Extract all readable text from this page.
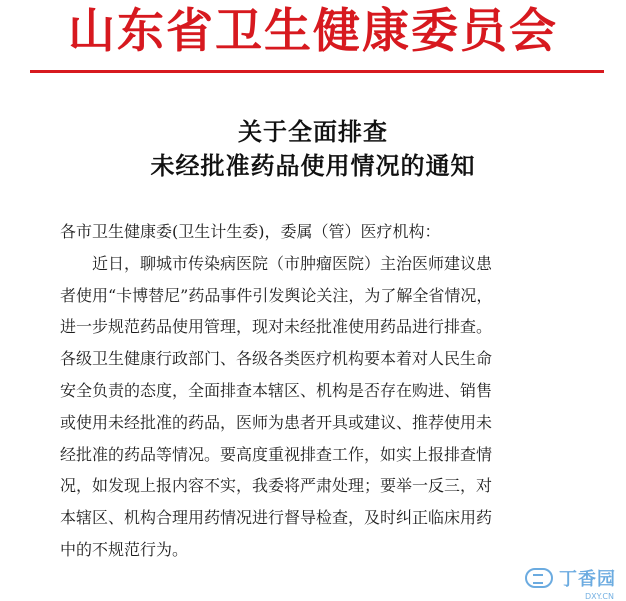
山东省卫生健康委员会
关于全面排查
未经批准药品使用情况的通知
各市卫生健康委(卫生计生委)，委属（管）医疗机构：
近日，聊城市传染病医院（市肿瘤医院）主治医师建议患
者使用“卡博替尼”药品事件引发舆论关注，为了解全省情况，
进一步规范药品使用管理，现对未经批准使用药品进行排查。
各级卫生健康行政部门、各级各类医疗机构要本着对人民生命
安全负责的态度，全面排查本辖区、机构是否存在购进、销售
或使用未经批准的药品，医师为患者开具或建议、推荐使用未
经批准的药品等情况。要高度重视排查工作，如实上报排查情
况，如发现上报内容不实，我委将严肃处理；要举一反三，对
本辖区、机构合理用药情况进行督导检查，及时纠正临床用药
中的不规范行为。
丁香园
DXY.CN
